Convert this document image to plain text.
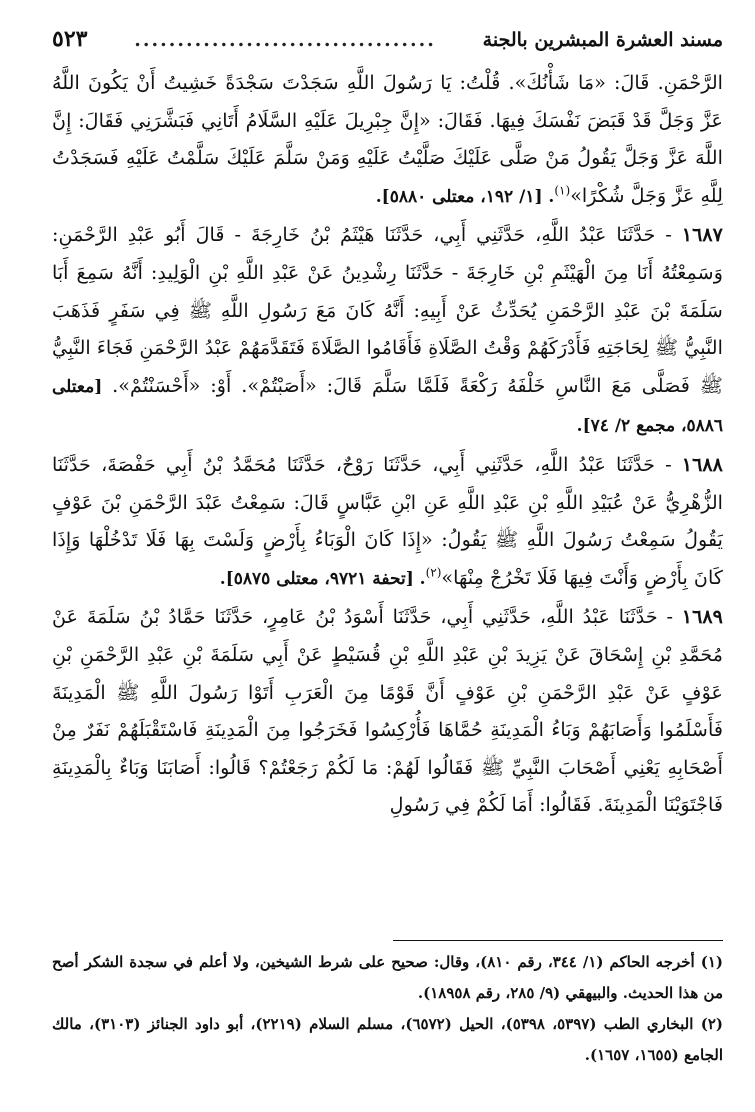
مسند العشرة المبشرين بالجنة
...................................
٥٢٣

الرَّحْمَنِ. قَالَ: «مَا شَأْنُكَ». قُلْتُ: يَا رَسُولَ اللَّهِ سَجَدْتَ سَجْدَةً خَشِيتُ أَنْ يَكُونَ اللَّهُ عَزَّ وَجَلَّ قَدْ قَبَضَ نَفْسَكَ فِيهَا. فَقَالَ: «إِنَّ جِبْرِيلَ عَلَيْهِ السَّلَامُ أَتَانِي فَبَشَّرَنِي فَقَالَ: إِنَّ اللَّهَ عَزَّ وَجَلَّ يَقُولُ مَنْ صَلَّى عَلَيْكَ صَلَّيْتُ عَلَيْهِ وَمَنْ سَلَّمَ عَلَيْكَ سَلَّمْتُ عَلَيْهِ فَسَجَدْتُ لِلَّهِ عَزَّ وَجَلَّ شُكْرًا»$^{(١)}$. [١/ ١٩٢، معتلى ٥٨٨٠].

١٦٨٧ - حَدَّثَنَا عَبْدُ اللَّهِ، حَدَّثَنِي أَبِي، حَدَّثَنَا هَيْثَمُ بْنُ خَارِجَةَ - قَالَ أَبُو عَبْدِ الرَّحْمَنِ: وَسَمِعْتُهُ أَنَا مِنَ الْهَيْثَمِ بْنِ خَارِجَةَ - حَدَّثَنَا رِشْدِينُ عَنْ عَبْدِ اللَّهِ بْنِ الْوَلِيدِ: أَنَّهُ سَمِعَ أَبَا سَلَمَةَ بْنَ عَبْدِ الرَّحْمَنِ يُحَدِّثُ عَنْ أَبِيهِ: أَنَّهُ كَانَ مَعَ رَسُولِ اللَّهِ ﷺ فِي سَفَرٍ فَذَهَبَ النَّبِيُّ ﷺ لِحَاجَتِهِ فَأَدْرَكَهُمْ وَقْتُ الصَّلَاةِ فَأَقَامُوا الصَّلَاةَ فَتَقَدَّمَهُمْ عَبْدُ الرَّحْمَنِ فَجَاءَ النَّبِيُّ ﷺ فَصَلَّى مَعَ النَّاسِ خَلْفَهُ رَكْعَةً فَلَمَّا سَلَّمَ قَالَ: «أَصَبْتُمْ». أَوْ: «أَحْسَنْتُمْ». [معتلى ٥٨٨٦، مجمع ٢/ ٧٤].

١٦٨٨ - حَدَّثَنَا عَبْدُ اللَّهِ، حَدَّثَنِي أَبِي، حَدَّثَنَا رَوْحٌ، حَدَّثَنَا مُحَمَّدُ بْنُ أَبِي حَفْصَةَ، حَدَّثَنَا الزُّهْرِيُّ عَنْ عُبَيْدِ اللَّهِ بْنِ عَبْدِ اللَّهِ عَنِ ابْنِ عَبَّاسٍ قَالَ: سَمِعْتُ عَبْدَ الرَّحْمَنِ بْنَ عَوْفٍ يَقُولُ سَمِعْتُ رَسُولَ اللَّهِ ﷺ يَقُولُ: «إِذَا كَانَ الْوَبَاءُ بِأَرْضٍ وَلَسْتَ بِهَا فَلَا تَدْخُلْهَا وَإِذَا كَانَ بِأَرْضٍ وَأَنْتَ فِيهَا فَلَا تَخْرُجْ مِنْهَا»$^{(٢)}$. [تحفة ٩٧٢١، معتلى ٥٨٧٥].

١٦٨٩ - حَدَّثَنَا عَبْدُ اللَّهِ، حَدَّثَنِي أَبِي، حَدَّثَنَا أَسْوَدُ بْنُ عَامِرٍ، حَدَّثَنَا حَمَّادُ بْنُ سَلَمَةَ عَنْ مُحَمَّدِ بْنِ إِسْحَاقَ عَنْ يَزِيدَ بْنِ عَبْدِ اللَّهِ بْنِ قُسَيْطٍ عَنْ أَبِي سَلَمَةَ بْنِ عَبْدِ الرَّحْمَنِ بْنِ عَوْفٍ عَنْ عَبْدِ الرَّحْمَنِ بْنِ عَوْفٍ أَنَّ قَوْمًا مِنَ الْعَرَبِ أَتَوْا رَسُولَ اللَّهِ ﷺ الْمَدِينَةَ فَأَسْلَمُوا وَأَصَابَهُمْ وَبَاءُ الْمَدِينَةِ حُمَّاهَا فَأُرْكِسُوا فَخَرَجُوا مِنَ الْمَدِينَةِ فَاسْتَقْبَلَهُمْ نَفَرٌ مِنْ أَصْحَابِهِ يَعْنِي أَصْحَابَ النَّبِيِّ ﷺ فَقَالُوا لَهُمْ: مَا لَكُمْ رَجَعْتُمْ؟ قَالُوا: أَصَابَنَا وَبَاءٌ بِالْمَدِينَةِ فَاجْتَوَيْنَا الْمَدِينَةَ. فَقَالُوا: أَمَا لَكُمْ فِي رَسُولِ

(١) أخرجه الحاكم (١/ ٣٤٤، رقم ٨١٠)، وقال: صحيح على شرط الشيخين، ولا أعلم في سجدة الشكر أصح من هذا الحديث. والبيهقي (٩/ ٢٨٥، رقم ١٨٩٥٨).

(٢) البخاري الطب (٥٣٩٧، ٥٣٩٨)، الحيل (٦٥٧٢)، مسلم السلام (٢٢١٩)، أبو داود الجنائز (٣١٠٣)، مالك الجامع (١٦٥٥، ١٦٥٧).
